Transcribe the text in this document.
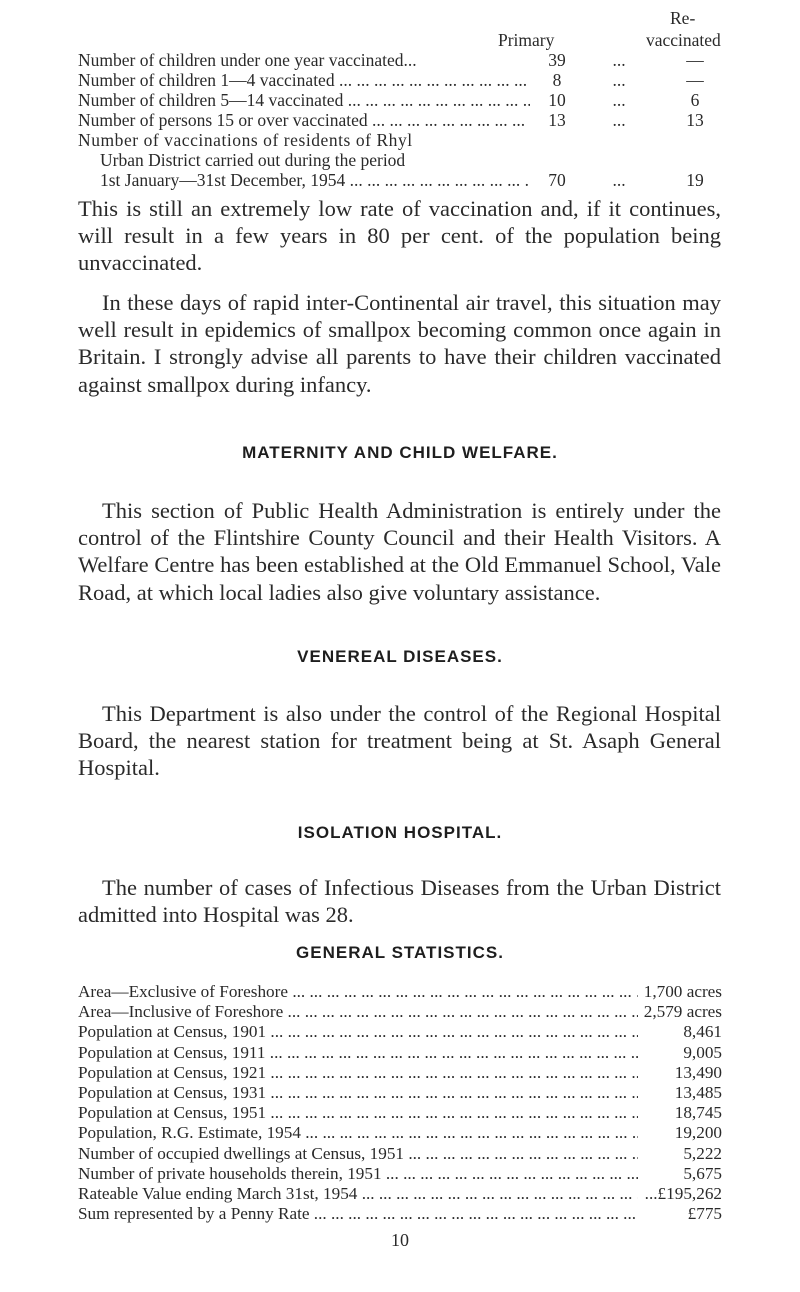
Re-
Primary	vaccinated
Number of children under one year vaccinated...	39	...	—
Number of children 1—4 vaccinated ... .	8	...	—
Number of children 5—14 vaccinated ... .	10	...	6
Number of persons 15 or over vaccinated ... .	13	...	13
Number of vaccinations of residents of Rhyl
Urban District carried out during the period
1st January—31st December, 1954 ... .	70	...	19

This is still an extremely low rate of vaccination and, if it continues, will result in a few years in 80 per cent. of the population being unvaccinated.

In these days of rapid inter-Continental air travel, this situation may well result in epidemics of smallpox becoming common once again in Britain. I strongly advise all parents to have their children vaccinated against smallpox during infancy.

MATERNITY AND CHILD WELFARE.

This section of Public Health Administration is entirely under the control of the Flintshire County Council and their Health Visitors. A Welfare Centre has been established at the Old Emmanuel School, Vale Road, at which local ladies also give voluntary assistance.

VENEREAL DISEASES.

This Department is also under the control of the Regional Hospital Board, the nearest station for treatment being at St. Asaph General Hospital.

ISOLATION HOSPITAL.

The number of cases of Infectious Diseases from the Urban District admitted into Hospital was 28.

GENERAL STATISTICS.
Area—Exclusive of Foreshore ... .	1,700 acres
Area—Inclusive of Foreshore ... .	2,579 acres
Population at Census, 1901 ... .	8,461
Population at Census, 1911 ... .	9,005
Population at Census, 1921 ... .	13,490
Population at Census, 1931 ... .	13,485
Population at Census, 1951 ... .	18,745
Population, R.G. Estimate, 1954 ... .	19,200
Number of occupied dwellings at Census, 1951 ... .	5,222
Number of private households therein, 1951 ... .	5,675
Rateable Value ending March 31st, 1954 ... .	...£195,262
Sum represented by a Penny Rate ... .	£775
10
